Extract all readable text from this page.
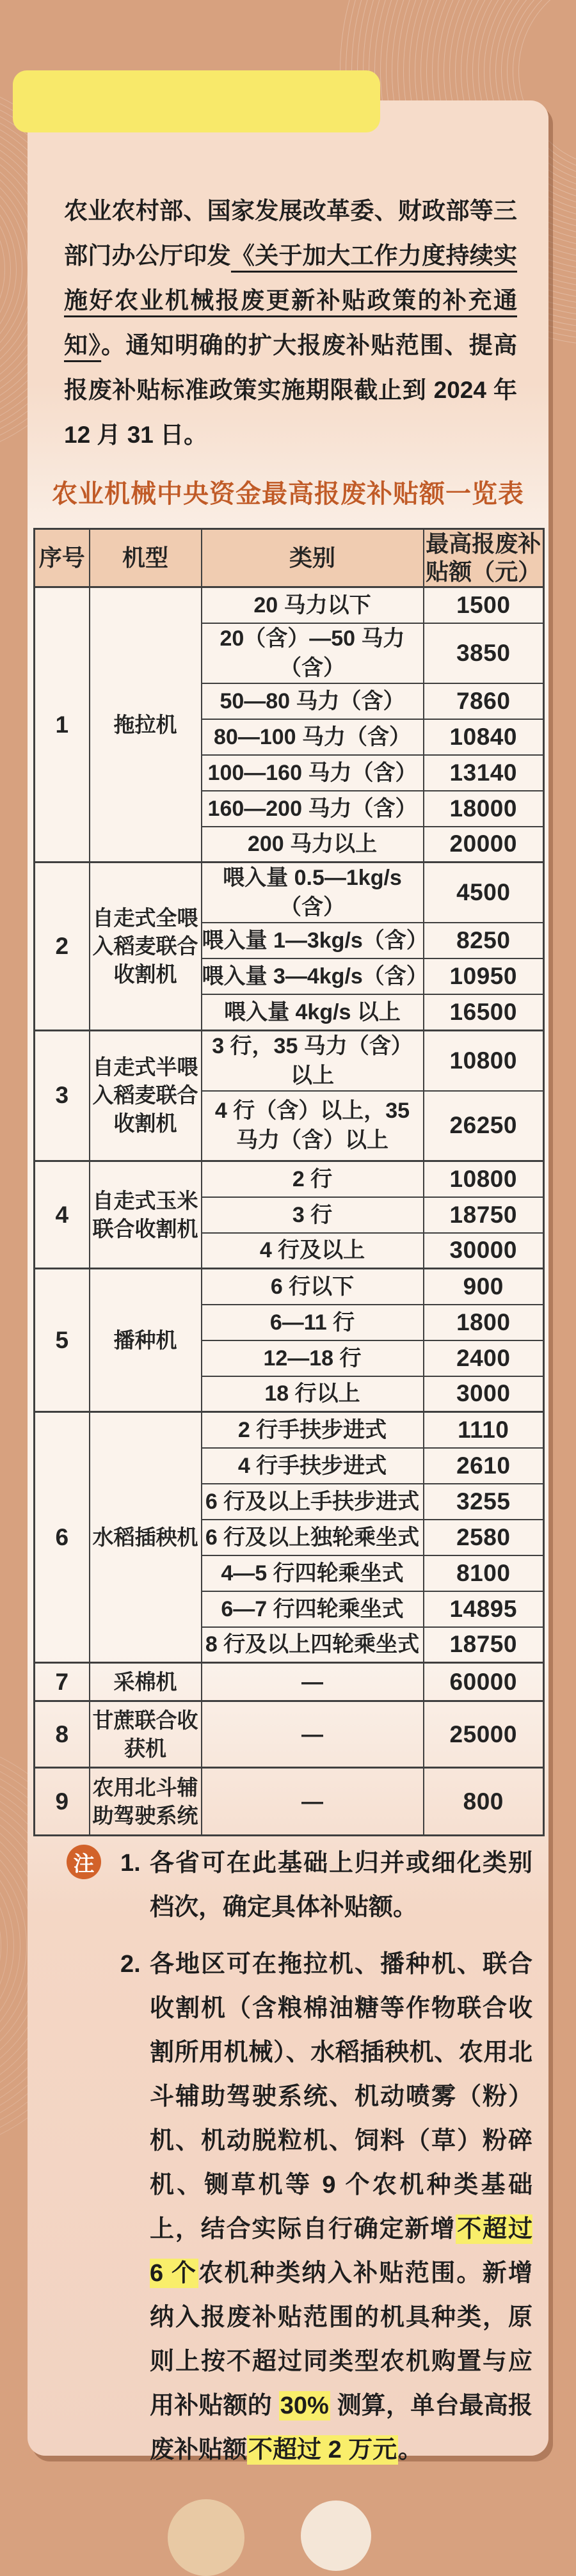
农业农村部、国家发展改革委、财政部等三部门办公厅印发《关于加大工作力度持续实施好农业机械报废更新补贴政策的补充通知》。通知明确的扩大报废补贴范围、提高报废补贴标准政策实施期限截止到 2024 年 12 月 31 日。

农业机械中央资金最高报废补贴额一览表
序号	机型	类别	最高报废补贴额（元）
1	拖拉机	20 马力以下	1500
		20（含）—50 马力（含）	3850
		50—80 马力（含）	7860
		80—100 马力（含）	10840
		100—160 马力（含）	13140
		160—200 马力（含）	18000
		200 马力以上	20000
2	自走式全喂入稻麦联合收割机	喂入量 0.5—1kg/s（含）	4500
		喂入量 1—3kg/s（含）	8250
		喂入量 3—4kg/s（含）	10950
		喂入量 4kg/s 以上	16500
3	自走式半喂入稻麦联合收割机	3 行，35 马力（含）以上	10800
		4 行（含）以上，35 马力（含）以上	26250
4	自走式玉米联合收割机	2 行	10800
		3 行	18750
		4 行及以上	30000
5	播种机	6 行以下	900
		6—11 行	1800
		12—18 行	2400
		18 行以上	3000
6	水稻插秧机	2 行手扶步进式	1110
		4 行手扶步进式	2610
		6 行及以上手扶步进式	3255
		6 行及以上独轮乘坐式	2580
		4—5 行四轮乘坐式	8100
		6—7 行四轮乘坐式	14895
		8 行及以上四轮乘坐式	18750
7	采棉机	—	60000
8	甘蔗联合收获机	—	25000
9	农用北斗辅助驾驶系统	—	800
注 1. 各省可在此基础上归并或细化类别档次，确定具体补贴额。
2. 各地区可在拖拉机、播种机、联合收割机（含粮棉油糖等作物联合收割所用机械）、水稻插秧机、农用北斗辅助驾驶系统、机动喷雾（粉）机、机动脱粒机、饲料（草）粉碎机、铡草机等 9 个农机种类基础上，结合实际自行确定新增不超过 6 个农机种类纳入补贴范围。新增纳入报废补贴范围的机具种类，原则上按不超过同类型农机购置与应用补贴额的 30% 测算，单台最高报废补贴额不超过 2 万元。
